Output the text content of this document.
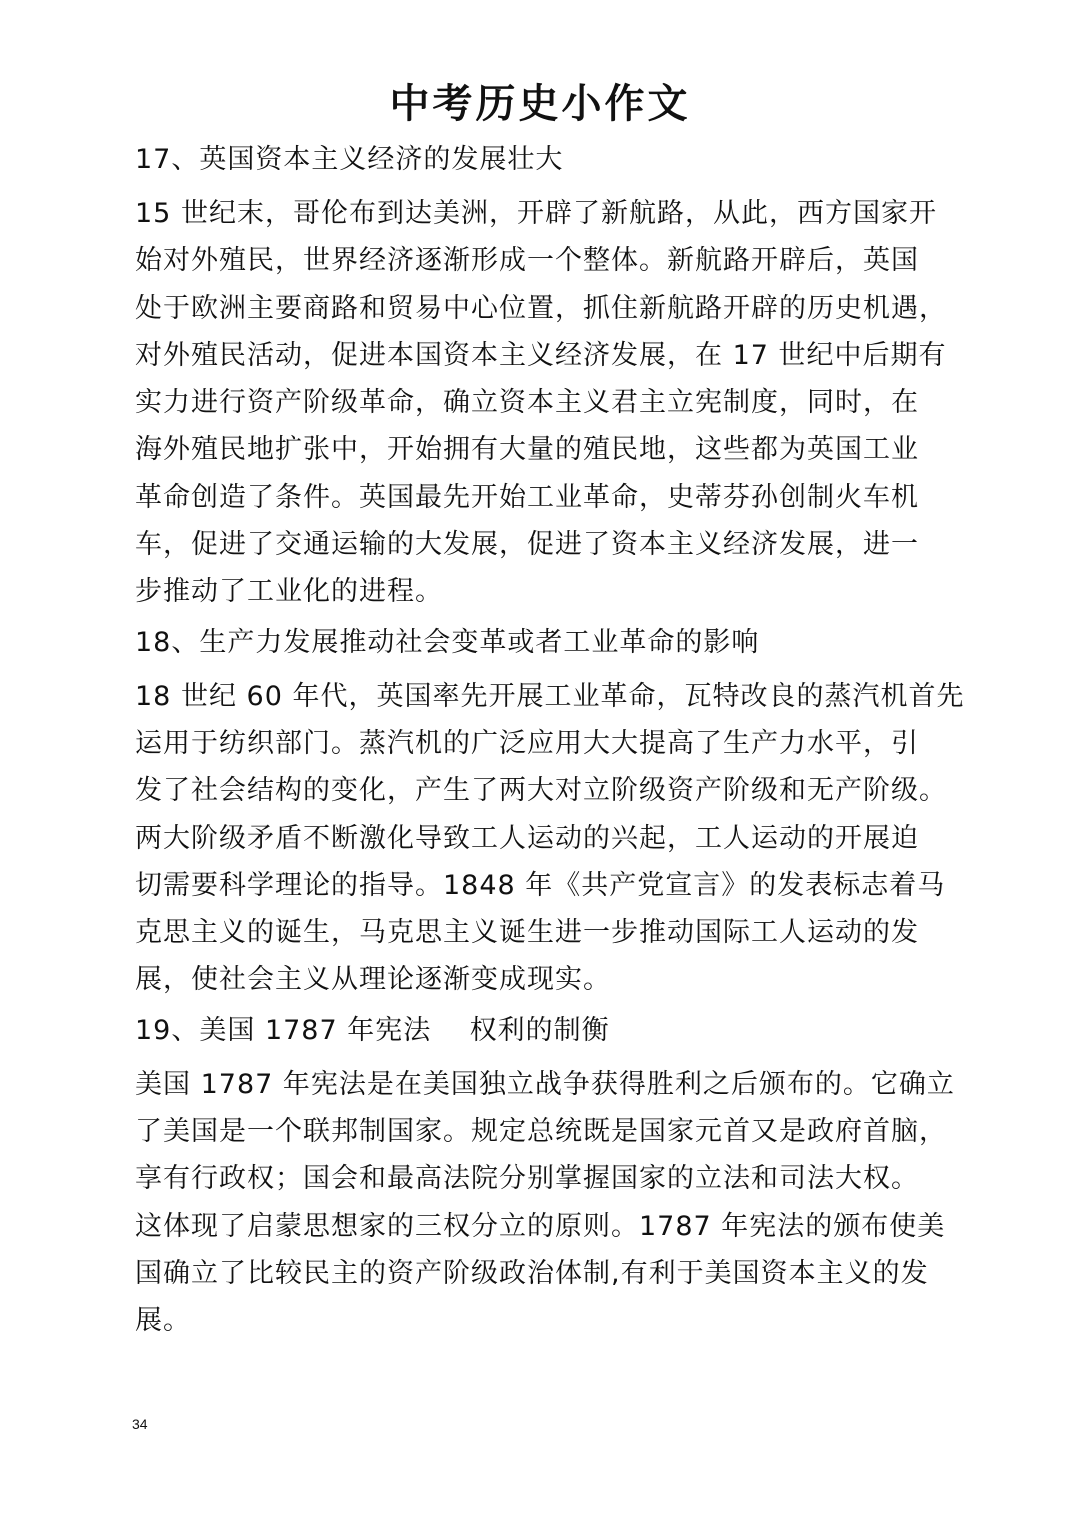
中考历史小作文
17、英国资本主义经济的发展壮大

15 世纪末，哥伦布到达美洲，开辟了新航路，从此，西方国家开
始对外殖民，世界经济逐渐形成一个整体。新航路开辟后，英国
处于欧洲主要商路和贸易中心位置，抓住新航路开辟的历史机遇，
对外殖民活动，促进本国资本主义经济发展，在 17 世纪中后期有
实力进行资产阶级革命，确立资本主义君主立宪制度，同时，在
海外殖民地扩张中，开始拥有大量的殖民地，这些都为英国工业
革命创造了条件。英国最先开始工业革命，史蒂芬孙创制火车机
车，促进了交通运输的大发展，促进了资本主义经济发展，进一
步推动了工业化的进程。

18、生产力发展推动社会变革或者工业革命的影响

18 世纪 60 年代，英国率先开展工业革命，瓦特改良的蒸汽机首先
运用于纺织部门。蒸汽机的广泛应用大大提高了生产力水平，引
发了社会结构的变化，产生了两大对立阶级资产阶级和无产阶级。
两大阶级矛盾不断激化导致工人运动的兴起，工人运动的开展迫
切需要科学理论的指导。1848 年《共产党宣言》的发表标志着马
克思主义的诞生，马克思主义诞生进一步推动国际工人运动的发
展，使社会主义从理论逐渐变成现实。

19、美国 1787 年宪法    权利的制衡

美国 1787 年宪法是在美国独立战争获得胜利之后颁布的。它确立
了美国是一个联邦制国家。规定总统既是国家元首又是政府首脑，
享有行政权；国会和最高法院分别掌握国家的立法和司法大权。
这体现了启蒙思想家的三权分立的原则。1787 年宪法的颁布使美
国确立了比较民主的资产阶级政治体制,有利于美国资本主义的发
展。

34
